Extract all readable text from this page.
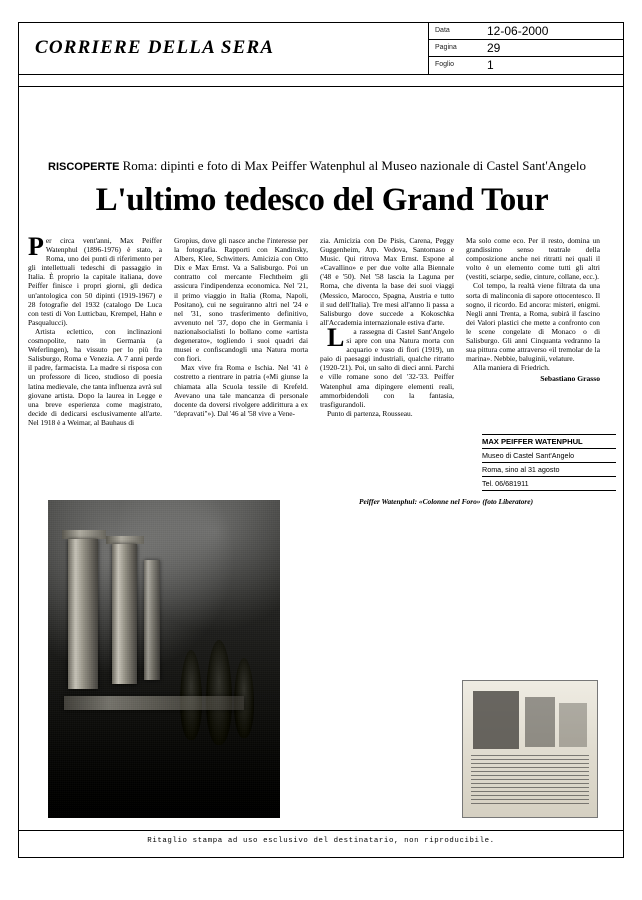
CORRIERE DELLA SERA
Data	12-06-2000
Pagina	29
Foglio	1
RISCOPERTE Roma: dipinti e foto di Max Peiffer Watenphul al Museo nazionale di Castel Sant'Angelo
L'ultimo tedesco del Grand Tour

Per circa vent'anni, Max Peiffer Watenphul (1896-1976) è stato, a Roma, uno dei punti di riferimento per gli intellettuali tedeschi di passaggio in Italia. È proprio la capitale italiana, dove Peiffer finisce i propri giorni, gli dedica un'antologica con 50 dipinti (1919-1967) e 28 fotografie del 1932 (catalogo De Luca con testi di Von Lutticbau, Krempel, Hahn e Pasqualucci).

Artista eclettico, con inclinazioni cosmopolite, nato in Germania (a Weferlingen), ha vissuto per lo più fra Salisburgo, Roma e Venezia. A 7 anni perde il padre, farmacista. La madre si risposa con un professore di liceo, studioso di poesia latina medievale, che tanta influenza avrà sul giovane artista. Dopo la laurea in Legge e una breve esperienza come magistrato, decide di dedicarsi esclusivamente all'arte. Nel 1918 è a Weimar, al Bauhaus di

Gropius, dove gli nasce anche l'interesse per la fotografia. Rapporti con Kandinsky, Albers, Klee, Schwitters. Amicizia con Otto Dix e Max Ernst. Va a Salisburgo. Poi un contratto col mercante Flechtheim gli assicura l'indipendenza economica. Nel '21, il primo viaggio in Italia (Roma, Napoli, Positano), cui ne seguiranno altri nel '24 e nel '31, sono trasferimento definitivo, avvenuto nel '37, dopo che in Germania i nazionalsocialisti lo bollano come «artista degenerato», togliendo i suoi quadri dai musei e confiscandogli una Natura morta con fiori.

Max vive fra Roma e Ischia. Nel '41 è costretto a rientrare in patria («Mi giunse la chiamata alla Scuola tessile di Krefeld. Avevano una tale mancanza di personale docente da doversi rivolgere addirittura a ex "depravati"»). Dal '46 al '58 vive a Vene-

zia. Amicizia con De Pisis, Carena, Peggy Guggenheim, Arp. Vedova, Santomaso e Music. Qui ritrova Max Ernst. Espone al «Cavallino» e per due volte alla Biennale ('48 e '50). Nel '58 lascia la Laguna per Roma, che diventa la base dei suoi viaggi (Messico, Marocco, Spagna, Austria e tutto il sud dell'Italia). Tre mesi all'anno li passa a Salisburgo dove succede a Kokoschka all'Accademia internazionale estiva d'arte.

L a rassegna di Castel Sant'Angelo si apre con una Natura morta con acquario e vaso di fiori (1919), un paio di paesaggi industriali, qualche ritratto (1920-'21). Poi, un salto di dieci anni. Parchi e ville romane sono del '32-'33. Peiffer Watenphul ama dipingere elementi reali, ammorbidendoli con la fantasia, trasfigurandoli.

Punto di partenza, Rousseau.

Ma solo come eco. Per il resto, domina un grandissimo senso teatrale della composizione anche nei ritratti nei quali il volto è un elemento come tutti gli altri (vestiti, sciarpe, sedie, cinture, collane, ecc.).

Col tempo, la realtà viene filtrata da una sorta di malinconia di sapore ottocentesco. Il sogno, il ricordo. Ed ancora: misteri, enigmi. Negli anni Trenta, a Roma, subirà il fascino dei Valori plastici che mette a confronto con le scene congelate di Monaco o di Salisburgo. Gli anni Cinquanta vedranno la sua pittura come attraverso «il tremolar de la marina». Nebbie, baluginii, velature.

Alla maniera di Friedrich.

Sebastiano Grasso
MAX PEIFFER WATENPHUL
Museo di Castel Sant'Angelo
Roma, sino al 31 agosto
Tel. 06/681911
Peiffer Watenphul: «Colonne nel Foro» (foto Liberatore)
Ritaglio stampa ad uso esclusivo del destinatario, non riproducibile.
